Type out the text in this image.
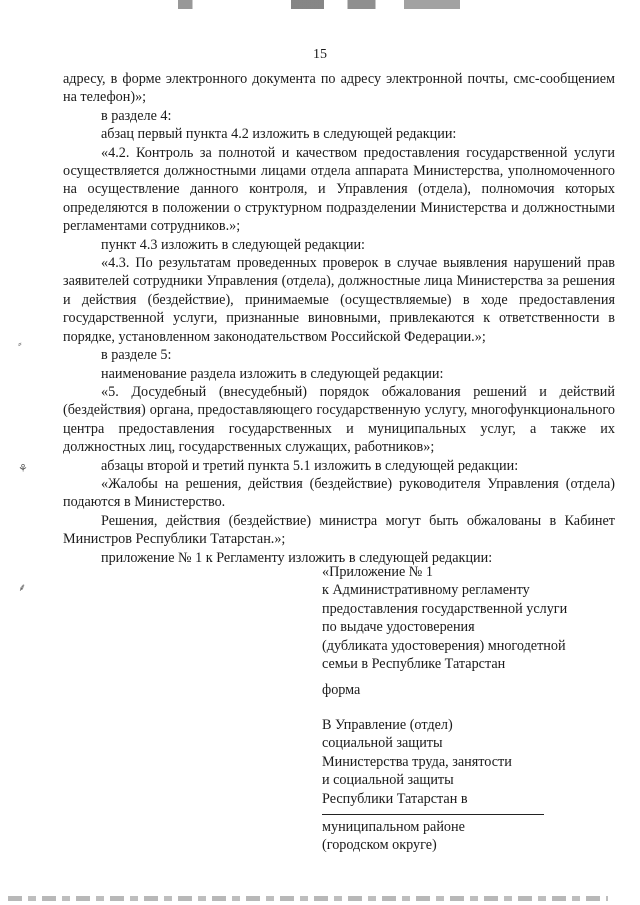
15

адресу, в форме электронного документа по адресу электронной почты, смс-сообщением на телефон)»;

в разделе 4:

абзац первый пункта 4.2 изложить в следующей редакции:

«4.2. Контроль за полнотой и качеством предоставления государственной услуги осуществляется должностными лицами отдела аппарата Министерства, уполномоченного на осуществление данного контроля, и Управления (отдела), полномочия которых определяются в положении о структурном подразделении Министерства и должностными регламентами сотрудников.»;

пункт 4.3 изложить в следующей редакции:

«4.3. По результатам проведенных проверок в случае выявления нарушений прав заявителей сотрудники Управления (отдела), должностные лица Министерства за решения и действия (бездействие), принимаемые (осуществляемые) в ходе предоставления государственной услуги, признанные виновными, привлекаются к ответственности в порядке, установленном законодательством Российской Федерации.»;

в разделе 5:

наименование раздела изложить в следующей редакции:

«5. Досудебный (внесудебный) порядок обжалования решений и действий (бездействия) органа, предоставляющего государственную услугу, многофункционального центра предоставления государственных и муниципальных услуг, а также их должностных лиц, государственных служащих, работников»;

абзацы второй и третий пункта 5.1 изложить в следующей редакции:

«Жалобы на решения, действия (бездействие) руководителя Управления (отдела) подаются в Министерство.

Решения, действия (бездействие) министра могут быть обжалованы в Кабинет Министров Республики Татарстан.»;

приложение № 1 к Регламенту изложить в следующей редакции:

«Приложение № 1

к Административному регламенту

предоставления государственной услуги

по выдаче удостоверения

(дубликата удостоверения) многодетной

семьи в Республике Татарстан

форма

В Управление (отдел)

социальной защиты

Министерства труда, занятости

и социальной защиты

Республики Татарстан в

муниципальном районе

(городском округе)

⸗
⚘
⸙
